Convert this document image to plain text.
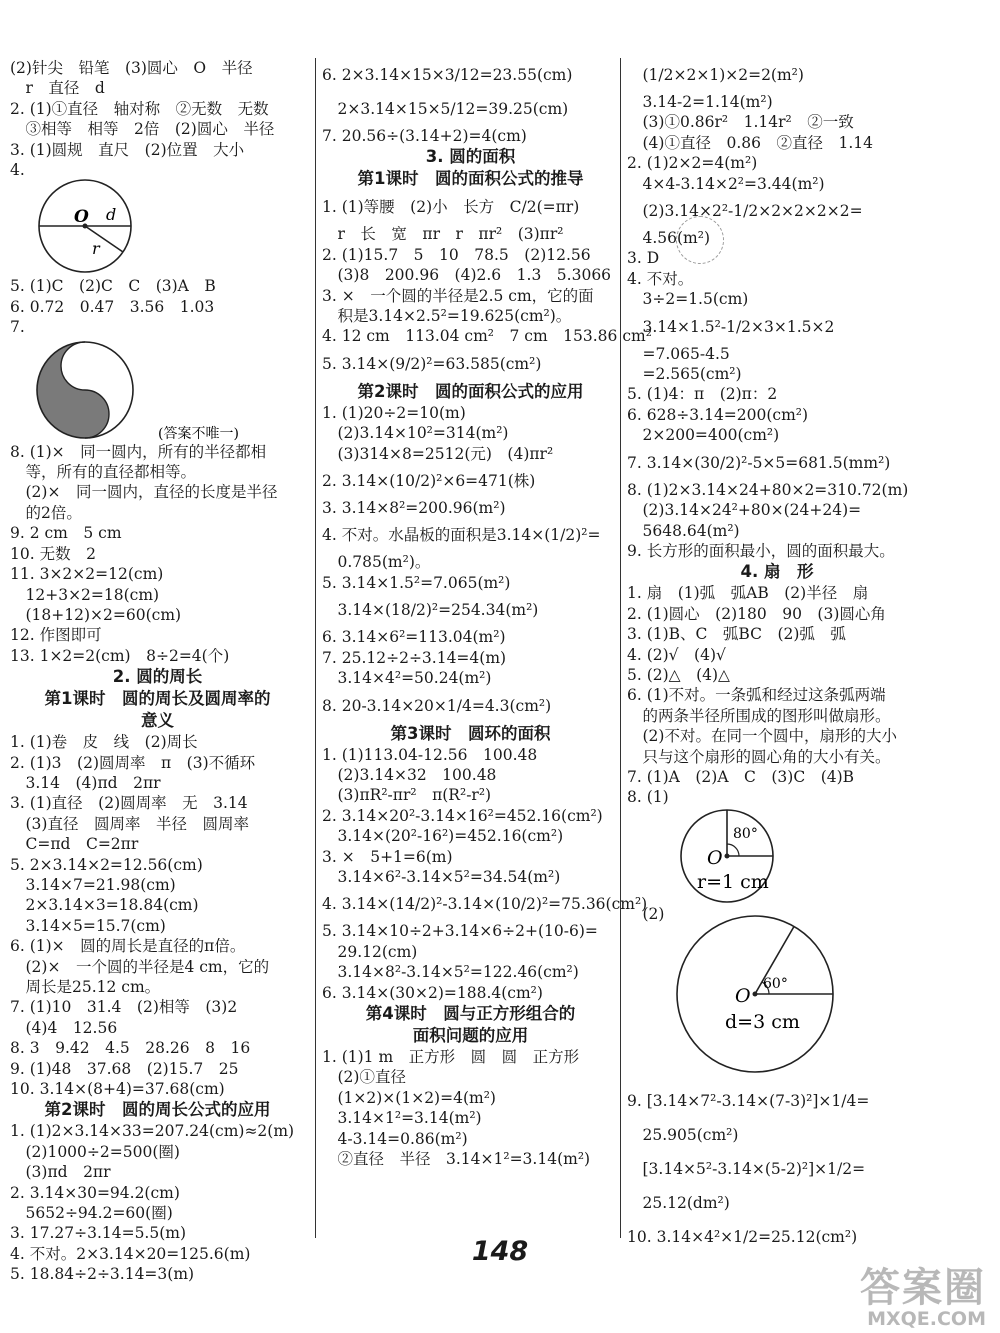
(2)针尖　铅笔　(3)圆心　O　半径
　r　直径　d
2. (1)①直径　轴对称　②无数　无数
　③相等　相等　2倍　(2)圆心　半径
3. (1)圆规　直尺　(2)位置　大小
4.
O d
r
5. (1)C　(2)C　C　(3)A　B
6. 0.72　0.47　3.56　1.03
7.
(答案不唯一)
8. (1)×　同一圆内，所有的半径都相
　等，所有的直径都相等。
　(2)×　同一圆内，直径的长度是半径
　的2倍。
9. 2 cm　5 cm
10. 无数　2
11. 3×2×2=12(cm)
　12+3×2=18(cm)
　(18+12)×2=60(cm)
12. 作图即可
13. 1×2=2(cm)　8÷2=4(个)
2. 圆的周长
第1课时　圆的周长及圆周率的
意义
1. (1)卷　皮　线　(2)周长
2. (1)3　(2)圆周率　π　(3)不循环
　3.14　(4)πd　2πr
3. (1)直径　(2)圆周率　无　3.14
　(3)直径　圆周率　半径　圆周率
　C=πd　C=2πr
5. 2×3.14×2=12.56(cm)
　3.14×7=21.98(cm)
　2×3.14×3=18.84(cm)
　3.14×5=15.7(cm)
6. (1)×　圆的周长是直径的π倍。
　(2)×　一个圆的半径是4 cm，它的
　周长是25.12 cm。
7. (1)10　31.4　(2)相等　(3)2
　(4)4　12.56
8. 3　9.42　4.5　28.26　8　16
9. (1)48　37.68　(2)15.7　25
10. 3.14×(8+4)=37.68(cm)
第2课时　圆的周长公式的应用
1. (1)2×3.14×33=207.24(cm)≈2(m)
　(2)1000÷2=500(圈)
　(3)πd　2πr
2. 3.14×30=94.2(cm)
　5652÷94.2=60(圈)
3. 17.27÷3.14=5.5(m)
4. 不对。2×3.14×20=125.6(m)
5. 18.84÷2÷3.14=3(m)
6. 2×3.14×15×3/12=23.55(cm)
　2×3.14×15×5/12=39.25(cm)
7. 20.56÷(3.14+2)=4(cm)
3. 圆的面积
第1课时　圆的面积公式的推导
1. (1)等腰　(2)小　长方　C/2(=πr)
　r　长　宽　πr　r　πr²　(3)πr²
2. (1)15.7　5　10　78.5　(2)12.56
　(3)8　200.96　(4)2.6　1.3　5.3066
3. ×　一个圆的半径是2.5 cm，它的面
　积是3.14×2.5²=19.625(cm²)。
4. 12 cm　113.04 cm²　7 cm　153.86 cm²
5. 3.14×(9/2)²=63.585(cm²)
第2课时　圆的面积公式的应用
1. (1)20÷2=10(m)
　(2)3.14×10²=314(m²)
　(3)314×8=2512(元)　(4)πr²
2. 3.14×(10/2)²×6=471(株)
3. 3.14×8²=200.96(m²)
4. 不对。水晶板的面积是3.14×(1/2)²=
　0.785(m²)。
5. 3.14×1.5²=7.065(m²)
　3.14×(18/2)²=254.34(m²)
6. 3.14×6²=113.04(m²)
7. 25.12÷2÷3.14=4(m)
　3.14×4²=50.24(m²)
8. 20-3.14×20×1/4=4.3(cm²)
第3课时　圆环的面积
1. (1)113.04-12.56　100.48
　(2)3.14×32　100.48
　(3)πR²-πr²　π(R²-r²)
2. 3.14×20²-3.14×16²=452.16(cm²)
　3.14×(20²-16²)=452.16(cm²)
3. ×　5+1=6(m)
　3.14×6²-3.14×5²=34.54(m²)
4. 3.14×(14/2)²-3.14×(10/2)²=75.36(cm²)
5. 3.14×10÷2+3.14×6÷2+(10-6)=
　29.12(cm)
　3.14×8²-3.14×5²=122.46(cm²)
6. 3.14×(30×2)=188.4(cm²)
第4课时　圆与正方形组合的
面积问题的应用
1. (1)1 m　正方形　圆　圆　正方形
　(2)①直径
　(1×2)×(1×2)=4(m²)
　3.14×1²=3.14(m²)
　4-3.14=0.86(m²)
　②直径　半径　3.14×1²=3.14(m²)
　(1/2×2×1)×2=2(m²)
　3.14-2=1.14(m²)
　(3)①0.86r²　1.14r²　②一致
　(4)①直径　0.86　②直径　1.14
2. (1)2×2=4(m²)
　4×4-3.14×2²=3.44(m²)
　(2)3.14×2²-1/2×2×2×2×2=
　4.56(m²)
3. D
4. 不对。
　3÷2=1.5(cm)
　3.14×1.5²-1/2×3×1.5×2
　=7.065-4.5
　=2.565(cm²)
5. (1)4：π　(2)π：2
6. 628÷3.14=200(cm²)
　2×200=400(cm²)
7. 3.14×(30/2)²-5×5=681.5(mm²)
8. (1)2×3.14×24+80×2=310.72(m)
　(2)3.14×24²+80×(24+24)=
　5648.64(m²)
9. 长方形的面积最小，圆的面积最大。
4. 扇　形
1. 扇　(1)弧　弧AB　(2)半径　扇
2. (1)圆心　(2)180　90　(3)圆心角
3. (1)B、C　弧BC　(2)弧　弧
4. (2)√　(4)√
5. (2)△　(4)△
6. (1)不对。一条弧和经过这条弧两端
　的两条半径所围成的图形叫做扇形。
　(2)不对。在同一个圆中，扇形的大小
　只与这个扇形的圆心角的大小有关。
7. (1)A　(2)A　C　(3)C　(4)B
8. (1)
80°
O
r=1 cm
　(2)
60°
O
d=3 cm
9. [3.14×7²-3.14×(7-3)²]×1/4=
　25.905(cm²)
　[3.14×5²-3.14×(5-2)²]×1/2=
　25.12(dm²)
10. 3.14×4²×1/2=25.12(cm²)
148
答案圈
MXQE.COM
